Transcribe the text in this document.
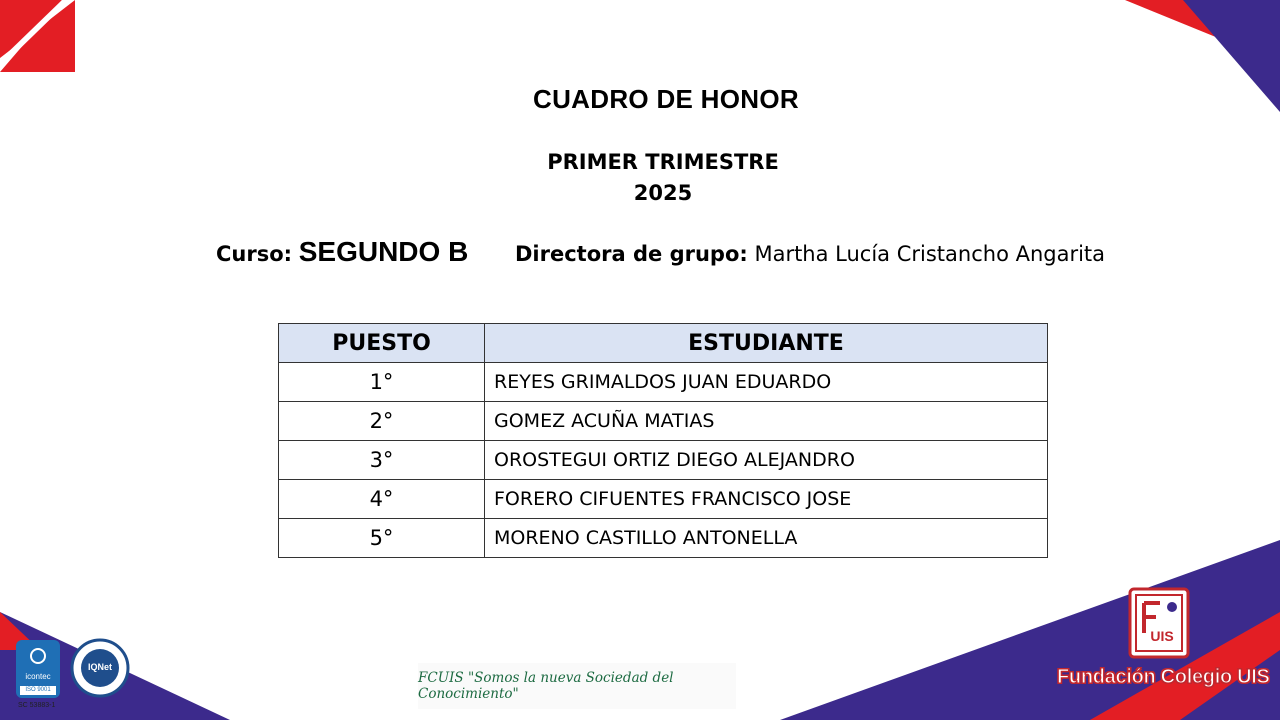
CUADRO DE HONOR
PRIMER TRIMESTRE
2025
Curso: SEGUNDO B Directora de grupo: Martha Lucía Cristancho Angarita
PUESTO	ESTUDIANTE
1°	REYES GRIMALDOS JUAN EDUARDO
2°	GOMEZ ACUÑA MATIAS
3°	OROSTEGUI ORTIZ DIEGO ALEJANDRO
4°	FORERO CIFUENTES FRANCISCO JOSE
5°	MORENO CASTILLO ANTONELLA
icontec
ISO 9001
IQNet
SC 53883-1
FCUIS "Somos la nueva Sociedad del Conocimiento"
UIS
Fundación Colegio UIS
